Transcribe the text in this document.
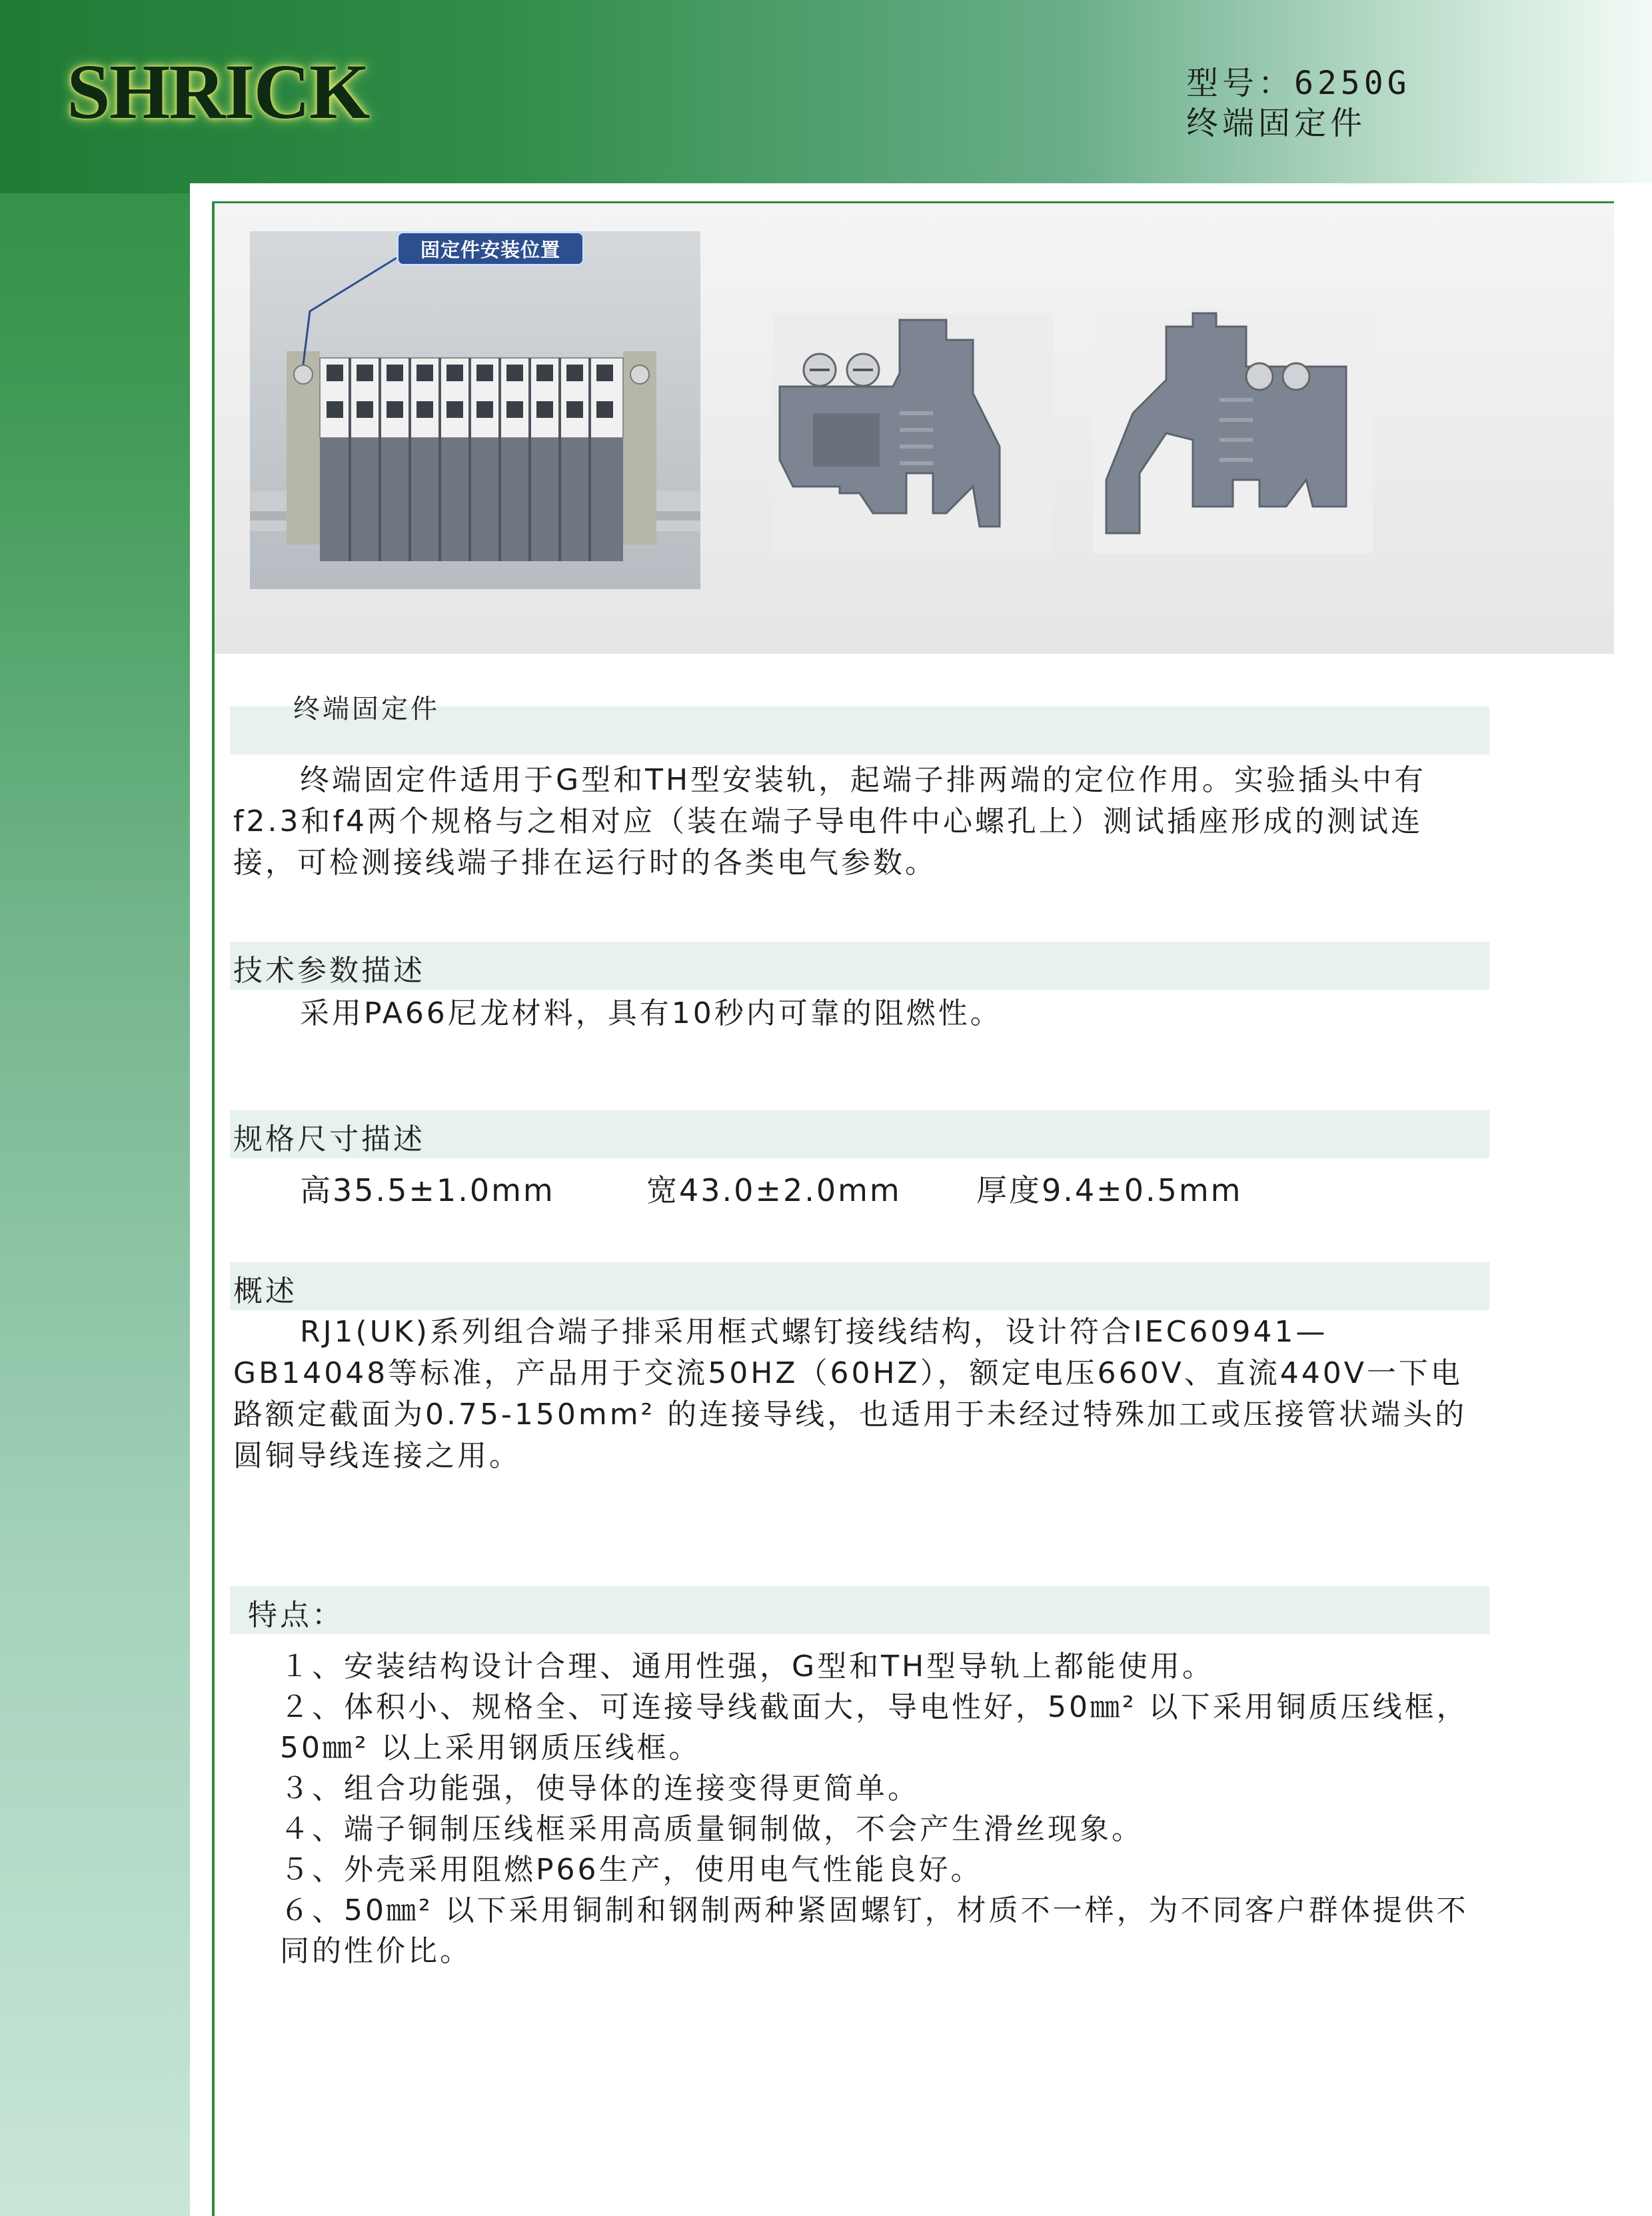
SHRICK	型号：6250G
终端固定件
固定件安装位置
终端固定件

终端固定件适用于G型和TH型安装轨，起端子排两端的定位作用。实验插头中有f2.3和f4两个规格与之相对应（装在端子导电件中心螺孔上）测试插座形成的测试连接，可检测接线端子排在运行时的各类电气参数。

技术参数描述

采用PA66尼龙材料，具有10秒内可靠的阻燃性。

规格尺寸描述
高35.5±1.0mm	宽43.0±2.0mm 厚度9.4±0.5mm
概述

RJ1(UK)系列组合端子排采用框式螺钉接线结构，设计符合IEC60941—GB14048等标准，产品用于交流50HZ（60HZ），额定电压660V、直流440V一下电路额定截面为0.75-150mm² 的连接导线，也适用于未经过特殊加工或压接管状端头的圆铜导线连接之用。

特点：
１、安装结构设计合理、通用性强，G型和TH型导轨上都能使用。
２、体积小、规格全、可连接导线截面大，导电性好，50㎜² 以下采用铜质压线框，50㎜² 以上采用钢质压线框。
３、组合功能强，使导体的连接变得更简单。
４、端子铜制压线框采用高质量铜制做，不会产生滑丝现象。
５、外壳采用阻燃P66生产，使用电气性能良好。
６、50㎜² 以下采用铜制和钢制两种紧固螺钉，材质不一样，为不同客户群体提供不同的性价比。
